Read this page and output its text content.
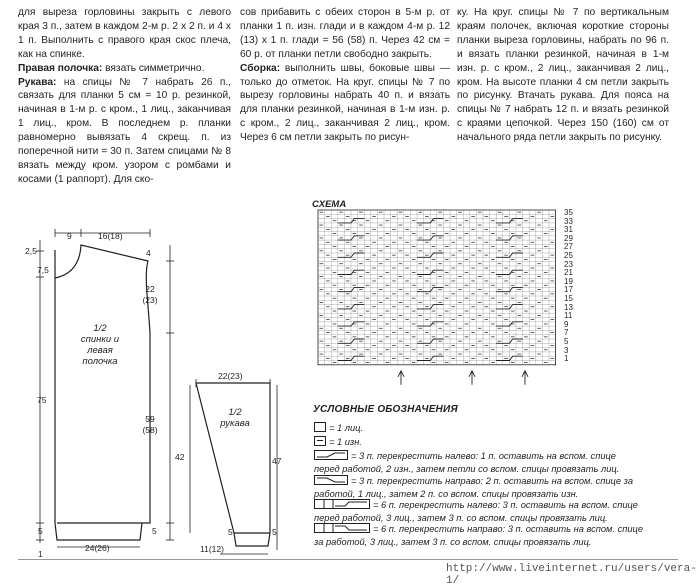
для выреза горловины закрыть с левого края 3 п., затем в каждом 2-м р. 2 х 2 п. и 4 х 1 п. Выполнить с правого края скос плеча, как на спинке.

Правая полочка: вязать симметрично.

Рукава: на спицы № 7 набрать 26 п., связать для планки 5 см = 10 р. резинкой, начиная в 1-м р. с кром., 1 лиц., заканчивая 1 лиц., кром. В последнем р. планки равномерно вывязать 4 скрещ. п. из поперечной нити = 30 п. Затем спицами № 8 вязать между кром. узором с ромбами и косами (1 раппорт). Для ско-

сов прибавить с обеих сторон в 5-м р. от планки 1 п. изн. глади и в каждом 4-м р. 12 (13) х 1 п. глади = 56 (58) п. Через 42 см = 60 р. от планки петли свободно закрыть.

Сборка: выполнить швы, боковые швы — только до отметок. На круг. спицы № 7 по вырезу горловины набрать 40 п. и вязать для планки резинкой, начиная в 1-м изн. р. с кром., 2 лиц., заканчивая 2 лиц., кром. Через 6 см петли закрыть по рисун-

ку. На круг. спицы № 7 по вертикальным краям полочек, включая короткие стороны планки выреза горловины, набрать по 96 п. и вязать планки резинкой, начиная в 1-м изн. р. с кром., 2 лиц., заканчивая 2 лиц., кром. На высоте планки 4 см петли закрыть по рисунку. Втачать рукава. Для пояса на спицы № 7 набрать 12 п. и вязать резинкой с краями цепочкой. Через 150 (160) см от начального ряда петли закрыть по рисунку.

9	16(18)
2,5
7,5
4
22 (23)
75
59 (58)
5	5
1
24(26)
1/2 спинки и левая полочка
22(23)
42	47
5	5
11(12)
1/2 рукава
СХЕМА
35
33
31
29
27
25
23
21
19
17
15
13
11
9
7
5
3
1
УСЛОВНЫЕ ОБОЗНАЧЕНИЯ
= 1 лиц.
= 1 изн.
= 3 п. перекрестить налево: 1 п. оставить на вспом. спице перед работой, 2 изн., затем петли со вспом. спицы провязать лиц.
= 3 п. перекрестить направо: 2 п. оставить на вспом. спице за работой, 1 лиц., затем 2 п. со вспом. спицы провязать изн.
= 6 п. перекрестить налево: 3 п. оставить на вспом. спице перед работой, 3 лиц., затем 3 п. со вспом. спицы провязать лиц.
= 6 п. перекрестить направо: 3 п. оставить на вспом. спице за работой, 3 лиц., затем 3 п. со вспом. спицы провязать лиц.
http://www.liveinternet.ru/users/vera-1/
